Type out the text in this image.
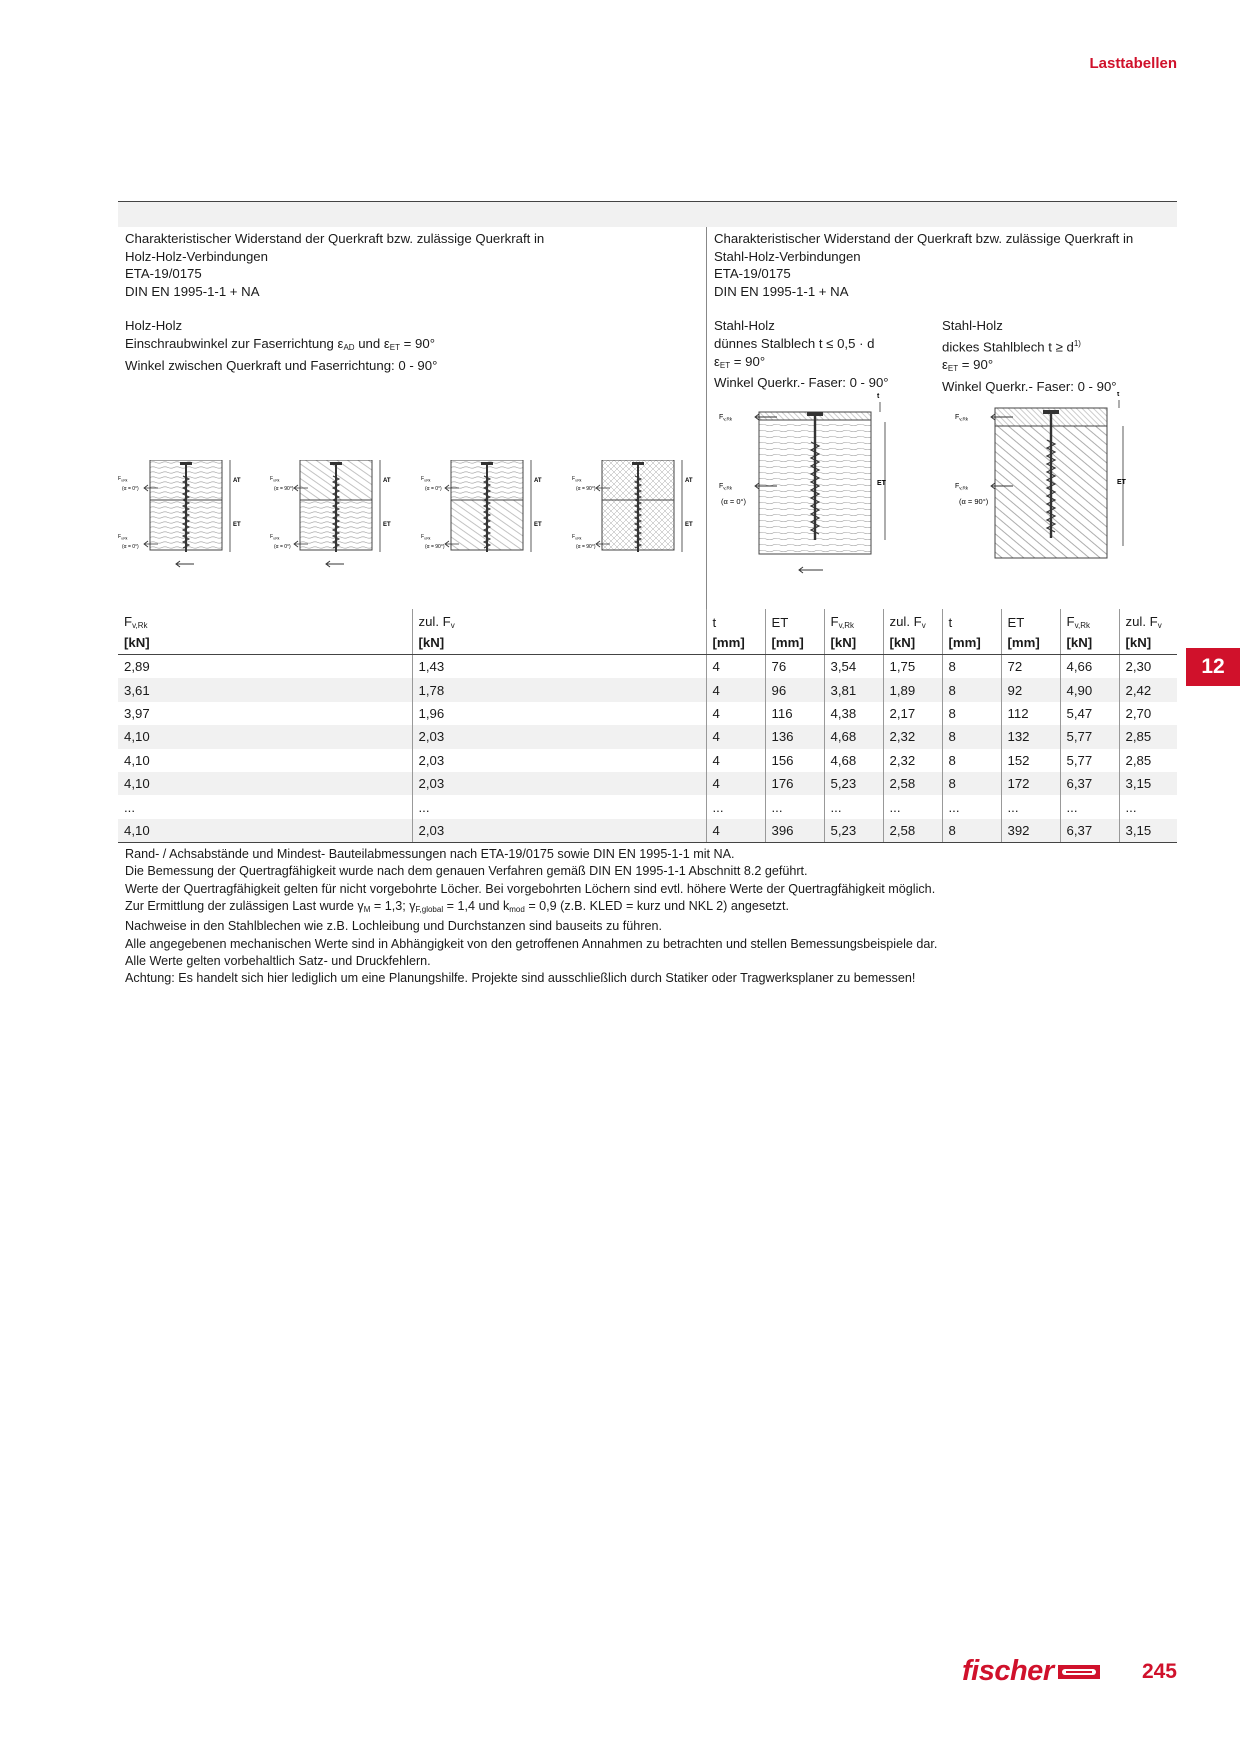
Lasttabellen
12
Charakteristischer Widerstand der Querkraft bzw. zulässige Querkraft in
Holz-Holz-Verbindungen
ETA-19/0175
DIN EN 1995-1-1 + NA
Holz-Holz
Einschraubwinkel zur Faserrichtung $\varepsilon_{AD}$ und $\varepsilon_{ET} = 90^\circ$
Winkel zwischen Querkraft und Faserrichtung: 0 - 90°
AT
ET
$F_{v,Rk}$
(α = 0°)
$F_{v,Rk}$
(α = 0°)
AT
ET
$F_{v,Rk}$
(α = 90°)
$F_{v,Rk}$
(α = 0°)
AT
ET
$F_{v,Rk}$
(α = 0°)
$F_{v,Rk}$
(α = 90°)
AT
ET
$F_{v,Rk}$
(α = 90°)
$F_{v,Rk}$
(α = 90°)
Charakteristischer Widerstand der Querkraft bzw. zulässige Querkraft in
Stahl-Holz-Verbindungen
ETA-19/0175
DIN EN 1995-1-1 + NA
Stahl-Holz
dünnes Stalblech t ≤ 0,5 · d
$\varepsilon_{ET} = 90^\circ$
Winkel Querkr.- Faser: 0 - 90°
Stahl-Holz
dickes Stahlblech $t \ge d^{1)}$
$\varepsilon_{ET} = 90^\circ$
Winkel Querkr.- Faser: 0 - 90°
$F_{v,Rk}$
$F_{v,Rk}$
(α = 0°)
t
ET
$F_{v,Rk}$
$F_{v,Rk}$
(α = 90°)
t
ET
$F_{v,Rk}$	zul. $F_v$	t	ET	$F_{v,Rk}$	zul. $F_v$	t	ET	$F_{v,Rk}$	zul. $F_v$
[kN]	[kN]	[mm]	[mm]	[kN]	[kN]	[mm]	[mm]	[kN]	[kN]
2,89	1,43	4	76	3,54	1,75	8	72	4,66	2,30
3,61	1,78	4	96	3,81	1,89	8	92	4,90	2,42
3,97	1,96	4	116	4,38	2,17	8	112	5,47	2,70
4,10	2,03	4	136	4,68	2,32	8	132	5,77	2,85
4,10	2,03	4	156	4,68	2,32	8	152	5,77	2,85
4,10	2,03	4	176	5,23	2,58	8	172	6,37	3,15
...	...	...	...	...	...	...	...	...	...
4,10	2,03	4	396	5,23	2,58	8	392	6,37	3,15
Rand- / Achsabstände und Mindest- Bauteilabmessungen nach ETA-19/0175 sowie DIN EN 1995-1-1 mit NA.
Die Bemessung der Quertragfähigkeit wurde nach dem genauen Verfahren gemäß DIN EN 1995-1-1 Abschnitt 8.2 geführt.
Werte der Quertragfähigkeit gelten für nicht vorgebohrte Löcher. Bei vorgebohrten Löchern sind evtl. höhere Werte der Quertragfähigkeit möglich.
Zur Ermittlung der zulässigen Last wurde $\gamma_M = 1,3$; $\gamma_{F,global} = 1,4$ und $k_{mod} = 0,9$ (z.B. KLED = kurz und NKL 2) angesetzt.
Nachweise in den Stahlblechen wie z.B. Lochleibung und Durchstanzen sind bauseits zu führen.
Alle angegebenen mechanischen Werte sind in Abhängigkeit von den getroffenen Annahmen zu betrachten und stellen Bemessungsbeispiele dar.
Alle Werte gelten vorbehaltlich Satz- und Druckfehlern.
Achtung: Es handelt sich hier lediglich um eine Planungshilfe. Projekte sind ausschließlich durch Statiker oder Tragwerksplaner zu bemessen!
fischer	245
